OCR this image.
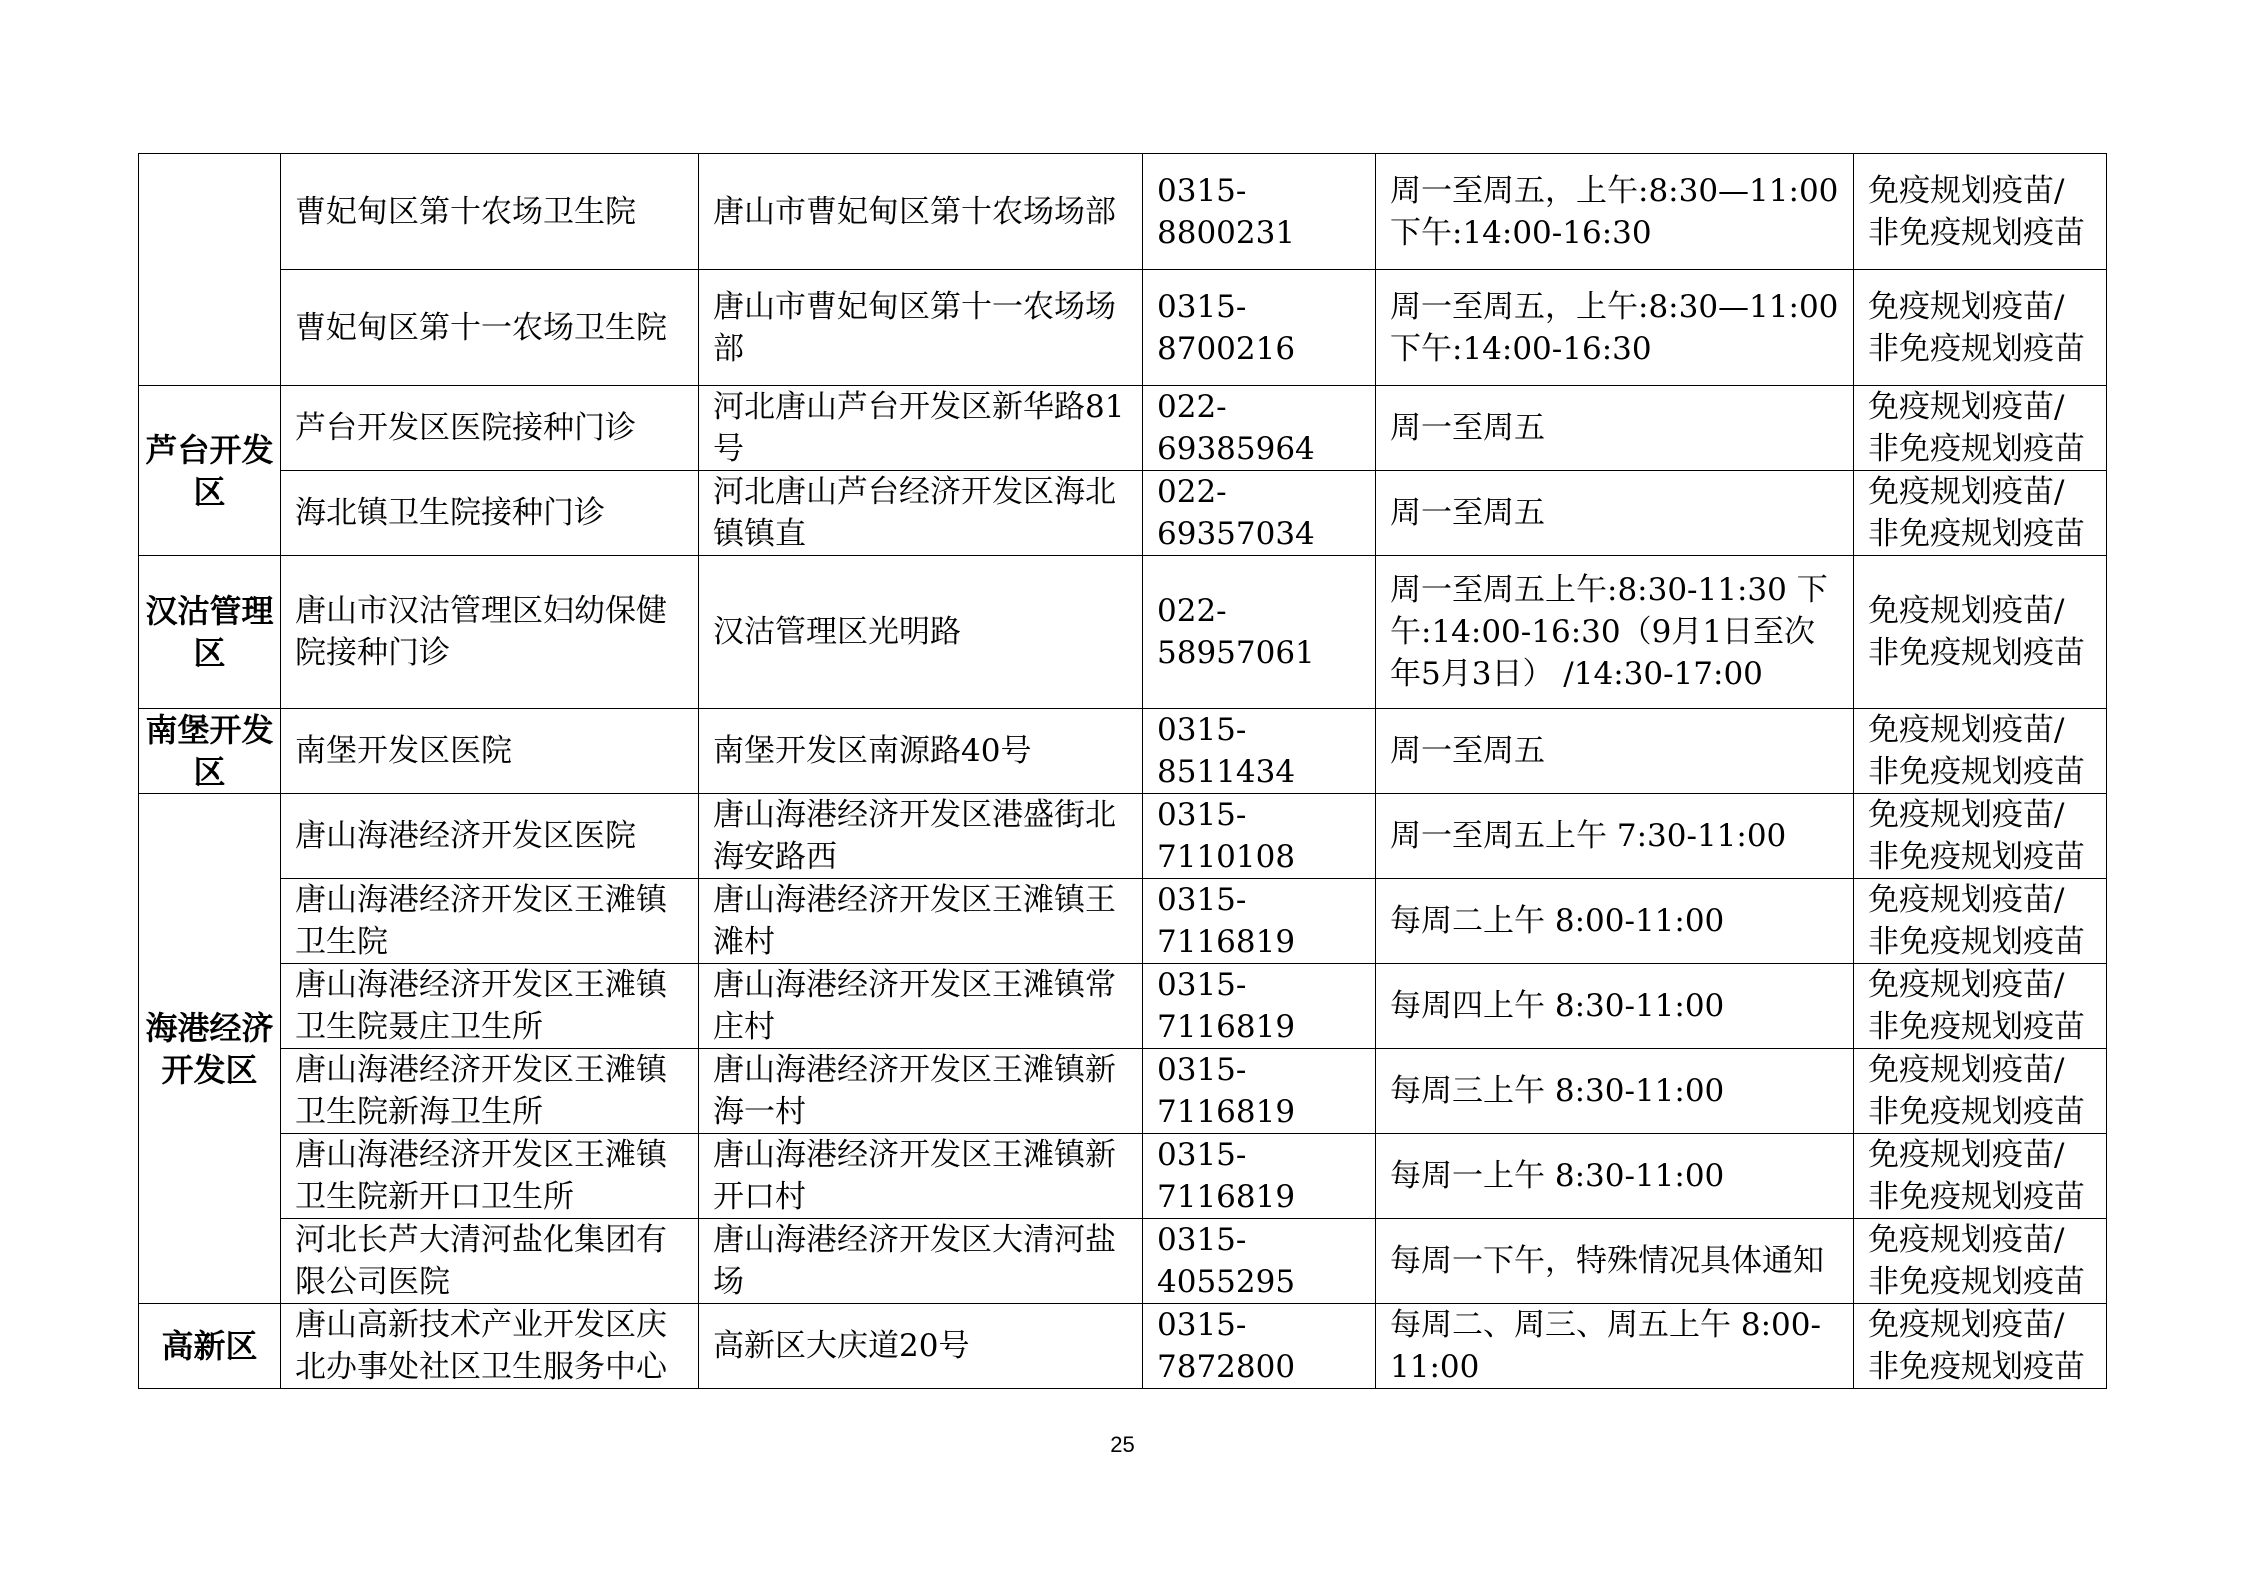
	曹妃甸区第十农场卫生院	唐山市曹妃甸区第十农场场部	0315-8800231	周一至周五，上午:8:30—11:00 下午:14:00-16:30	免疫规划疫苗/非免疫规划疫苗
	曹妃甸区第十一农场卫生院	唐山市曹妃甸区第十一农场场部	0315-8700216	周一至周五，上午:8:30—11:00 下午:14:00-16:30	免疫规划疫苗/非免疫规划疫苗
芦台开发区	芦台开发区医院接种门诊	河北唐山芦台开发区新华路81号	022-69385964	周一至周五	免疫规划疫苗/非免疫规划疫苗
	海北镇卫生院接种门诊	河北唐山芦台经济开发区海北镇镇直	022-69357034	周一至周五	免疫规划疫苗/非免疫规划疫苗
汉沽管理区	唐山市汉沽管理区妇幼保健院接种门诊	汉沽管理区光明路	022-58957061	周一至周五上午:8:30-11:30 下午:14:00-16:30（9月1日至次年5月3日） /14:30-17:00	免疫规划疫苗/非免疫规划疫苗
南堡开发区	南堡开发区医院	南堡开发区南源路40号	0315-8511434	周一至周五	免疫规划疫苗/非免疫规划疫苗
海港经济开发区	唐山海港经济开发区医院	唐山海港经济开发区港盛街北海安路西	0315-7110108	周一至周五上午 7:30-11:00	免疫规划疫苗/非免疫规划疫苗
	唐山海港经济开发区王滩镇卫生院	唐山海港经济开发区王滩镇王滩村	0315-7116819	每周二上午 8:00-11:00	免疫规划疫苗/非免疫规划疫苗
	唐山海港经济开发区王滩镇卫生院聂庄卫生所	唐山海港经济开发区王滩镇常庄村	0315-7116819	每周四上午 8:30-11:00	免疫规划疫苗/非免疫规划疫苗
	唐山海港经济开发区王滩镇卫生院新海卫生所	唐山海港经济开发区王滩镇新海一村	0315-7116819	每周三上午 8:30-11:00	免疫规划疫苗/非免疫规划疫苗
	唐山海港经济开发区王滩镇卫生院新开口卫生所	唐山海港经济开发区王滩镇新开口村	0315-7116819	每周一上午 8:30-11:00	免疫规划疫苗/非免疫规划疫苗
	河北长芦大清河盐化集团有限公司医院	唐山海港经济开发区大清河盐场	0315-4055295	每周一下午，特殊情况具体通知	免疫规划疫苗/非免疫规划疫苗
高新区	唐山高新技术产业开发区庆北办事处社区卫生服务中心	高新区大庆道20号	0315-7872800	每周二、周三、周五上午 8:00-11:00	免疫规划疫苗/非免疫规划疫苗
25
